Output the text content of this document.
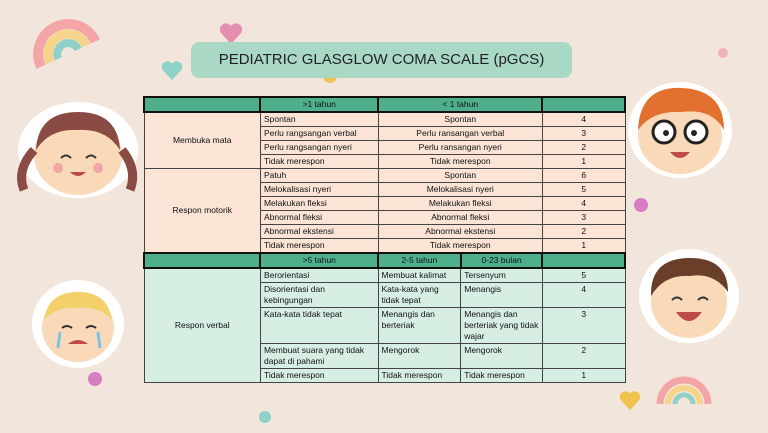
PEDIATRIC GLASGLOW COMA SCALE (pGCS)
	>1 tahun	< 1 tahun		
Membuka mata	Spontan	Spontan		4
	Perlu rangsangan verbal	Perlu ransangan verbal		3
	Perlu rangsangan nyeri	Perlu ransangan nyeri		2
	Tidak merespon	Tidak merespon		1
Respon motorik	Patuh	Spontan		6
	Melokalisasi nyeri	Melokalisasi nyeri		5
	Melakukan fleksi	Melakukan fleksi		4
	Abnormal fleksi	Abnormal fleksi		3
	Abnormal ekstensi	Abnormal ekstensi		2
	Tidak merespon	Tidak merespon		1
	>5 tahun	2-5 tahun	0-23 bulan	
Respon verbal	Berorientasi	Membuat kalimat	Tersenyum	5
	Disorientasi dan kebingungan	Kata-kata yang tidak tepat	Menangis	4
	Kata-kata tidak tepat	Menangis dan berteriak	Menangis dan berteriak yang tidak wajar	3
	Membuat suara yang tidak dapat di pahami	Mengorok	Mengorok	2
	Tidak merespon	Tidak merespon	Tidak merespon	1
